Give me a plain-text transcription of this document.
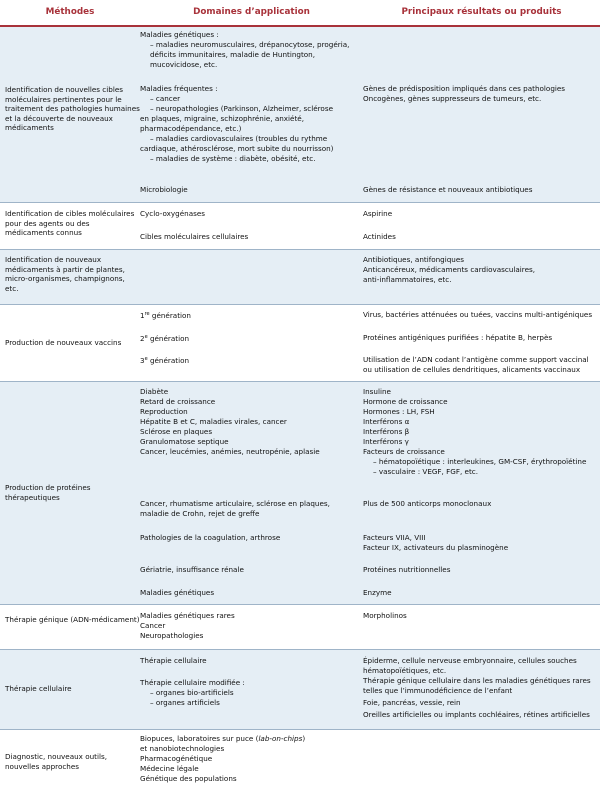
Méthodes	Domaines d’application	Principaux résultats ou produits
Identification de nouvelles cibles moléculaires pertinentes pour le traitement des pathologies humaines et la découverte de nouveaux médicaments
Maladies génétiques :
– maladies neuromusculaires, drépanocytose, progéria,
déficits immunitaires, maladie de Huntington,
mucovicidose, etc.
Maladies fréquentes :
– cancer
– neuropathologies (Parkinson, Alzheimer, sclérose
en plaques, migraine, schizophrénie, anxiété,
pharmacodépendance, etc.)
– maladies cardiovasculaires (troubles du rythme
cardiaque, athérosclérose, mort subite du nourrisson)
– maladies de système : diabète, obésité, etc.
Microbiologie
Gènes de prédisposition impliqués dans ces pathologies
Oncogènes, gènes suppresseurs de tumeurs, etc.
Gènes de résistance et nouveaux antibiotiques
Identification de cibles moléculaires pour des agents ou des médicaments connus
Cyclo-oxygénases
Cibles moléculaires cellulaires
Aspirine
Actinides
Identification de nouveaux médicaments à partir de plantes, micro-organismes, champignons, etc.
Antibiotiques, antifongiques
Anticancéreux, médicaments cardiovasculaires,
anti-inflammatoires, etc.
Production de nouveaux vaccins
1re génération
2e génération
3e génération
Virus, bactéries atténuées ou tuées, vaccins multi-antigéniques
Protéines antigéniques purifiées : hépatite B, herpès
Utilisation de l’ADN codant l’antigène comme support vaccinal
ou utilisation de cellules dendritiques, alicaments vaccinaux
Production de protéines thérapeutiques
Diabète
Retard de croissance
Reproduction
Hépatite B et C, maladies virales, cancer
Sclérose en plaques
Granulomatose septique
Cancer, leucémies, anémies, neutropénie, aplasie
Cancer, rhumatisme articulaire, sclérose en plaques,
maladie de Crohn, rejet de greffe
Pathologies de la coagulation, arthrose
Gériatrie, insuffisance rénale
Maladies génétiques
Insuline
Hormone de croissance
Hormones : LH, FSH
Interférons α
Interférons β
Interférons γ
Facteurs de croissance
– hématopoïétique : interleukines, GM-CSF, érythropoïétine
– vasculaire : VEGF, FGF, etc.
Plus de 500 anticorps monoclonaux
Facteurs VIIA, VIII
Facteur IX, activateurs du plasminogène
Protéines nutritionnelles
Enzyme
Thérapie génique (ADN-médicament) Maladies génétiques rares
Cancer
Neuropathologies
Morpholinos
Thérapie cellulaire
Thérapie cellulaire
Thérapie cellulaire modifiée :
– organes bio-artificiels
– organes artificiels
Épiderme, cellule nerveuse embryonnaire, cellules souches
hématopoïétiques, etc.
Thérapie génique cellulaire dans les maladies génétiques rares
telles que l’immunodéficience de l’enfant
Foie, pancréas, vessie, rein
Oreilles artificielles ou implants cochléaires, rétines artificielles
Diagnostic, nouveaux outils, nouvelles approches
Biopuces, laboratoires sur puce (lab-on-chips)
et nanobiotechnologies
Pharmacogénétique
Médecine légale
Génétique des populations
